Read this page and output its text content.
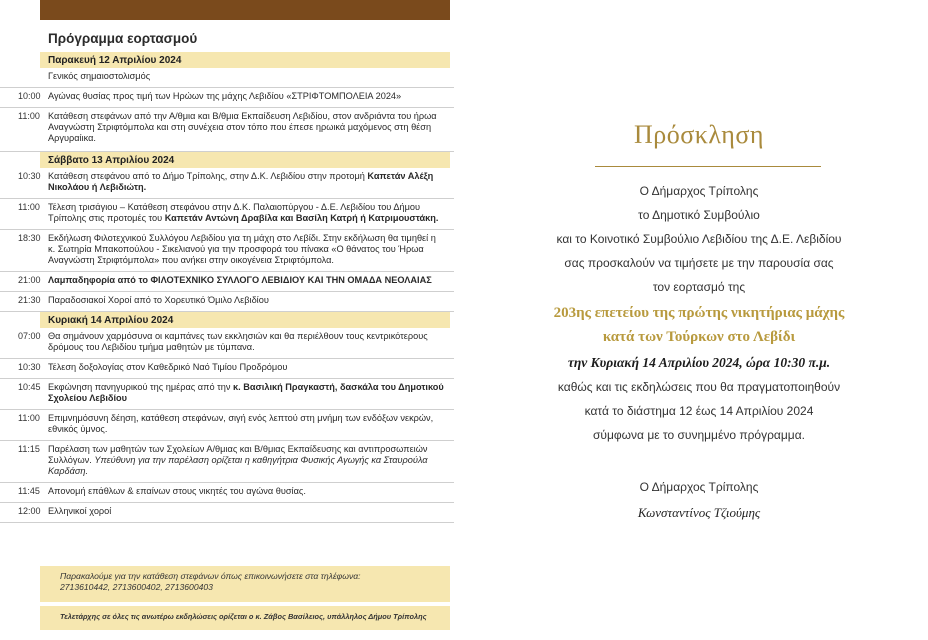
Πρόγραμμα εορτασμού
Παρακευή 12 Απριλίου 2024
Γενικός σημαιοστολισμός
10:00 Αγώνας θυσίας προς τιμή των Ηρώων της μάχης Λεβιδίου «ΣΤΡΙΦΤΟΜΠΟΛΕΙΑ 2024»
11:00 Κατάθεση στεφάνων από την Α/θμια και Β/θμια Εκπαίδευση Λεβιδίου, στον ανδριάντα του ήρωα Αναγνώστη Στριφτόμπολα και στη συνέχεια στον τόπο που έπεσε ηρωικά μαχόμενος στη θέση Αργυραίικα.
Σάββατο 13 Απριλίου 2024
10:30 Κατάθεση στεφάνου από το Δήμο Τρίπολης, στην Δ.Κ. Λεβιδίου στην προτομή Καπετάν Αλέξη Νικολάου ή Λεβιδιώτη.
11:00 Τέλεση τρισάγιου – Κατάθεση στεφάνου στην Δ.Κ. Παλαιοπύργου - Δ.Ε. Λεβιδίου του Δήμου Τρίπολης στις προτομές του Καπετάν Αντώνη Δραβίλα και Βασίλη Κατρή ή Κατριμουστάκη.
18:30 Εκδήλωση Φιλοτεχνικού Συλλόγου Λεβιδίου για τη μάχη στο Λεβίδι. Στην εκδήλωση θα τιμηθεί η κ. Σωτηρία Μπακοπούλου - Σικελιανού για την προσφορά του πίνακα «Ο θάνατος του Ήρωα Αναγνώστη Στριφτόμπολα» που ανήκει στην οικογένεια Στριφτόμπολα.
21:00 Λαμπαδηφορία από το ΦΙΛΟΤΕΧΝΙΚΟ ΣΥΛΛΟΓΟ ΛΕΒΙΔΙΟΥ ΚΑΙ ΤΗΝ ΟΜΑΔΑ ΝΕΟΛΑΙΑΣ
21:30 Παραδοσιακοί Χοροί από το Χορευτικό Όμιλο Λεβιδίου
Κυριακή 14 Απριλίου 2024
07:00 Θα σημάνουν χαρμόσυνα οι καμπάνες των εκκλησιών και θα περιέλθουν τους κεντρικότερους δρόμους του Λεβιδίου τμήμα μαθητών με τύμπανα.
10:30 Τέλεση δοξολογίας στον Καθεδρικό Ναό Τιμίου Προδρόμου
10:45 Εκφώνηση πανηγυρικού της ημέρας από την κ. Βασιλική Πραγκαστή, δασκάλα του Δημοτικού Σχολείου Λεβιδίου
11:00 Επιμνημόσυνη δέηση, κατάθεση στεφάνων, σιγή ενός λεπτού στη μνήμη των ενδόξων νεκρών, εθνικός ύμνος.
11:15 Παρέλαση των μαθητών των Σχολείων Α/θμιας και Β/θμιας Εκπαίδευσης και αντιπροσωπειών Συλλόγων. Υπεύθυνη για την παρέλαση ορίζεται η καθηγήτρια Φυσικής Αγωγής κα Σταυρούλα Καρδάση.
11:45 Απονομή επάθλων & επαίνων στους νικητές του αγώνα θυσίας.
12:00 Ελληνικοί χοροί
Παρακαλούμε για την κατάθεση στεφάνων όπως επικοινωνήσετε στα τηλέφωνα:
2713610442, 2713600402, 2713600403
Τελετάρχης σε όλες τις ανωτέρω εκδηλώσεις ορίζεται ο κ. Ζάβος Βασίλειος, υπάλληλος Δήμου Τρίπολης
Πρόσκληση
Ο Δήμαρχος Τρίπολης
το Δημοτικό Συμβούλιο
και το Κοινοτικό Συμβούλιο Λεβιδίου της Δ.Ε. Λεβιδίου
σας προσκαλούν να τιμήσετε με την παρουσία σας
τον εορτασμό της
203ης επετείου της πρώτης νικητήριας μάχης
κατά των Τούρκων στο Λεβίδι
την Κυριακή 14 Απριλίου 2024, ώρα 10:30 π.μ.
καθώς και τις εκδηλώσεις που θα πραγματοποιηθούν
κατά το διάστημα 12 έως 14 Απριλίου 2024
σύμφωνα με το συνημμένο πρόγραμμα.
Ο Δήμαρχος Τρίπολης
Κωνσταντίνος Τζιούμης
